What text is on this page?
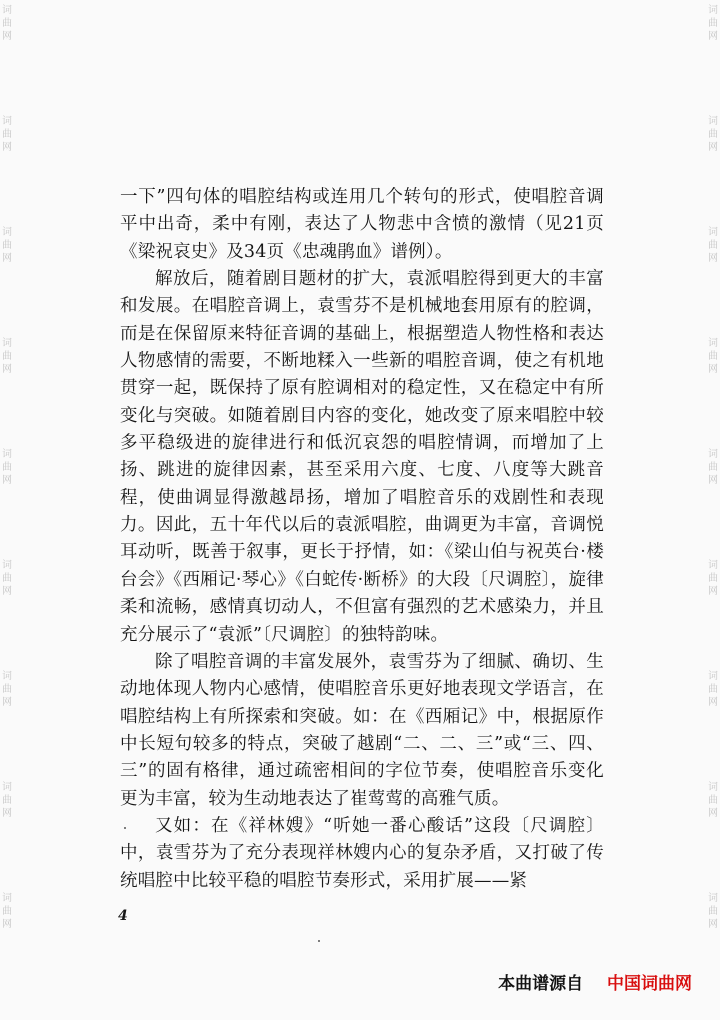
词曲网
词曲网
词曲网
词曲网
词曲网
词曲网
词曲网
词曲网
词曲网
词曲网
词曲网
词曲网
词曲网
词曲网
词曲网
词曲网
词曲网
词曲网

一下”四句体的唱腔结构或连用几个转句的形式，使唱腔音调平中出奇，柔中有刚，表达了人物悲中含愤的激情（见21页《梁祝哀史》及34页《忠魂鹃血》谱例）。

解放后，随着剧目题材的扩大，袁派唱腔得到更大的丰富和发展。在唱腔音调上，袁雪芬不是机械地套用原有的腔调，而是在保留原来特征音调的基础上，根据塑造人物性格和表达人物感情的需要，不断地糅入一些新的唱腔音调，使之有机地贯穿一起，既保持了原有腔调相对的稳定性，又在稳定中有所变化与突破。如随着剧目内容的变化，她改变了原来唱腔中较多平稳级进的旋律进行和低沉哀怨的唱腔情调，而增加了上扬、跳进的旋律因素，甚至采用六度、七度、八度等大跳音程，使曲调显得激越昂扬，增加了唱腔音乐的戏剧性和表现力。因此，五十年代以后的袁派唱腔，曲调更为丰富，音调悦耳动听，既善于叙事，更长于抒情，如：《梁山伯与祝英台·楼台会》《西厢记·琴心》《白蛇传·断桥》的大段〔尺调腔〕，旋律柔和流畅，感情真切动人，不但富有强烈的艺术感染力，并且充分展示了“袁派”〔尺调腔〕的独特韵味。

除了唱腔音调的丰富发展外，袁雪芬为了细腻、确切、生动地体现人物内心感情，使唱腔音乐更好地表现文学语言，在唱腔结构上有所探索和突破。如：在《西厢记》中，根据原作中长短句较多的特点，突破了越剧“二、二、三”或“三、四、三”的固有格律，通过疏密相间的字位节奏，使唱腔音乐变化更为丰富，较为生动地表达了崔莺莺的高雅气质。

又如：在《祥林嫂》“听她一番心酸话”这段〔尺调腔〕中，袁雪芬为了充分表现祥林嫂内心的复杂矛盾，又打破了传统唱腔中比较平稳的唱腔节奏形式，采用扩展——紧

4
本曲谱源自 中国词曲网
